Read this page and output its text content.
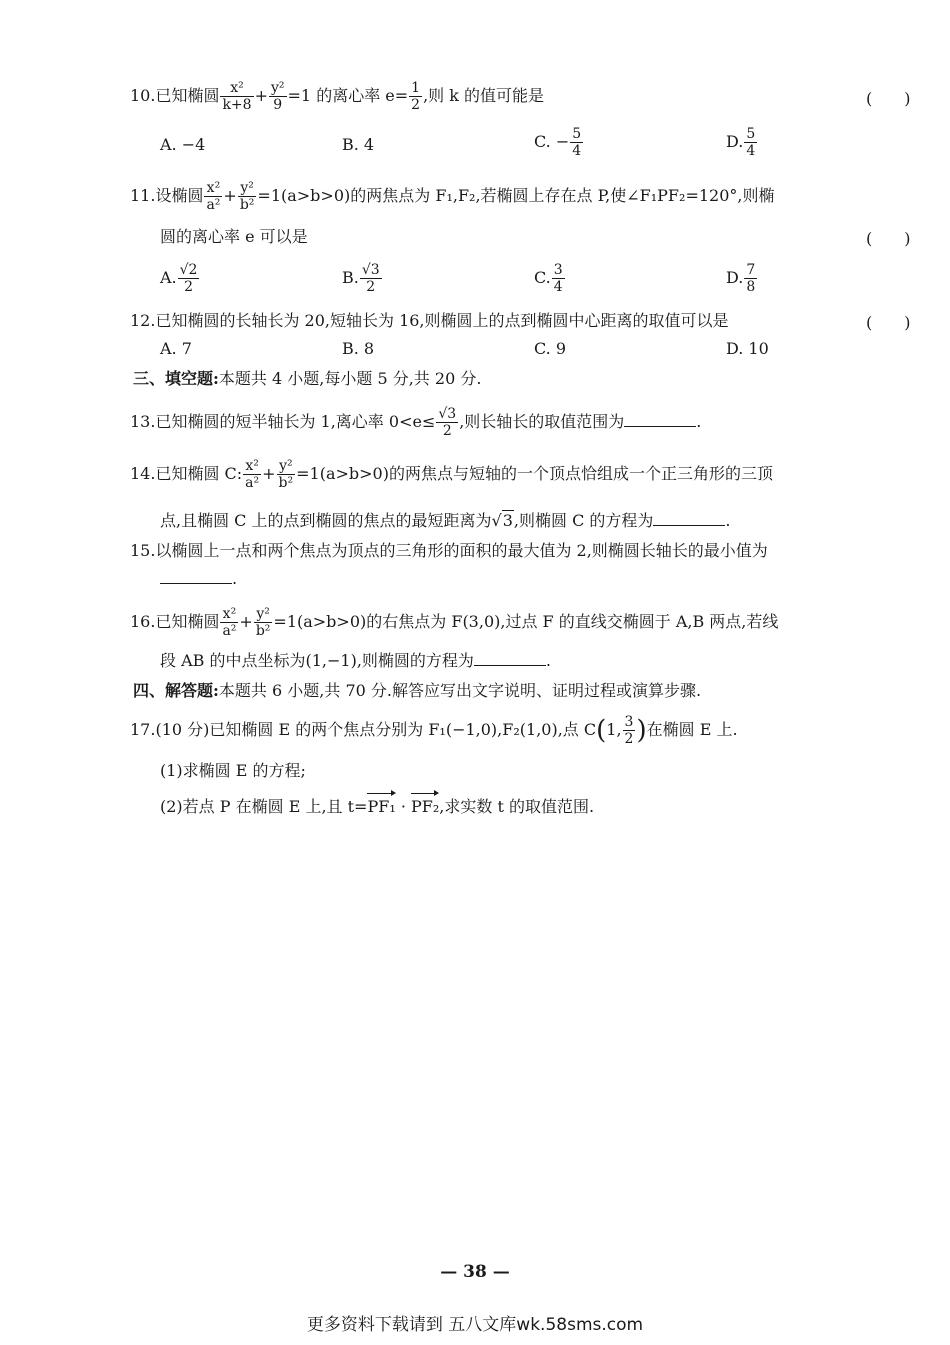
10.已知椭圆 $\frac{\text{x²}}{k+8} + \frac{\text{y²}}{9} =1$ 的离心率 $e= \frac{1}{2}$ ,则 k 的值可能是	(　　)
A. −4	B. 4	C. − $\frac{5}{4}$	D. $\frac{5}{4}$
11.设椭圆 $\frac{\text{x²}}{\text{a²}} + \frac{\text{y²}}{\text{b²}} =1(a>b>0)$的两焦点为 F₁,F₂,若椭圆上存在点 P,使∠F₁PF₂=120°,则椭
圆的离心率 e 可以是	(　　)
A. $\frac{√2}{2}$	B. $\frac{√3}{2}$	C. $\frac{3}{4}$	D. $\frac{7}{8}$
12.已知椭圆的长轴长为 20,短轴长为 16,则椭圆上的点到椭圆中心距离的取值可以是	(　　)
A. 7	B. 8	C. 9	D. 10
三、填空题:本题共 4 小题,每小题 5 分,共 20 分.
13.已知椭圆的短半轴长为 1,离心率 $0<e\le \frac{√3}{2}$ ,则长轴长的取值范围为	.
14.已知椭圆 C: $\frac{\text{x²}}{\text{a²}} + \frac{\text{y²}}{\text{b²}} =1(a>b>0)$的两焦点与短轴的一个顶点恰组成一个正三角形的三顶
点,且椭圆 C 上的点到椭圆的焦点的最短距离为√3,则椭圆 C 的方程为	.
15.以椭圆上一点和两个焦点为顶点的三角形的面积的最大值为 2,则椭圆长轴长的最小值为
.
16.已知椭圆 $\frac{\text{x²}}{\text{a²}} + \frac{\text{y²}}{\text{b²}} =1(a>b>0)$的右焦点为 F(3,0),过点 F 的直线交椭圆于 A,B 两点,若线
段 AB 的中点坐标为(1,−1),则椭圆的方程为	.
四、解答题:本题共 6 小题,共 70 分.解答应写出文字说明、证明过程或演算步骤.
17.(10 分)已知椭圆 E 的两个焦点分别为 F₁(−1,0),F₂(1,0),点 C(1, $\frac{3}{2}$ )在椭圆 E 上.
(1)求椭圆 E 的方程;
(2)若点 P 在椭圆 E 上,且 t=PF₁ · PF₂,求实数 t 的取值范围.
— 38 —
更多资料下载请到 五八文库wk.58sms.com
